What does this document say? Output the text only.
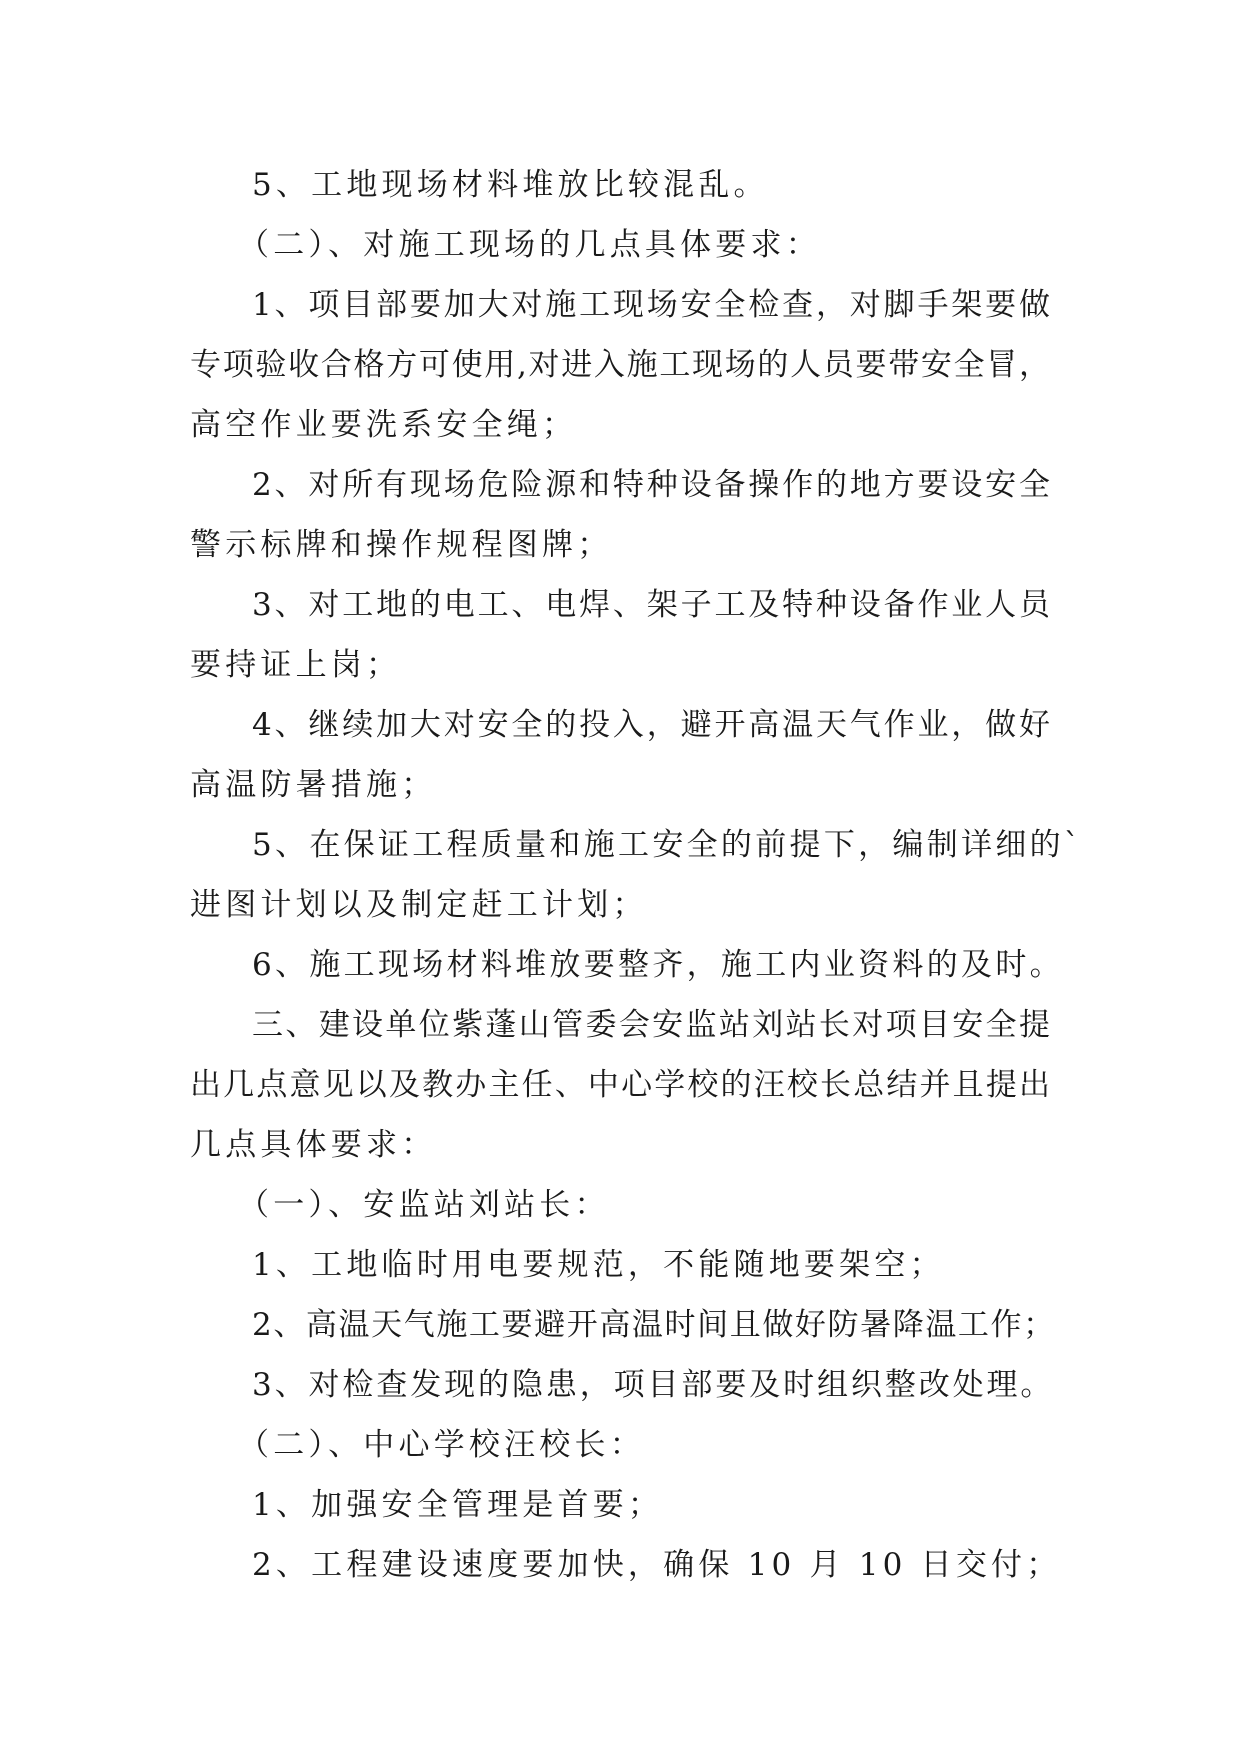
5、工地现场材料堆放比较混乱。
（二）、对施工现场的几点具体要求：
1、项目部要加大对施工现场安全检查，对脚手架要做
专项验收合格方可使用,对进入施工现场的人员要带安全冒，
高空作业要洗系安全绳；
2、对所有现场危险源和特种设备操作的地方要设安全
警示标牌和操作规程图牌；
3、对工地的电工、电焊、架子工及特种设备作业人员
要持证上岗；
4、继续加大对安全的投入，避开高温天气作业，做好
高温防暑措施；
5、在保证工程质量和施工安全的前提下，编制详细的`
进图计划以及制定赶工计划；
6、施工现场材料堆放要整齐，施工内业资料的及时。
三、建设单位紫蓬山管委会安监站刘站长对项目安全提
出几点意见以及教办主任、中心学校的汪校长总结并且提出
几点具体要求：
（一）、安监站刘站长：
1、工地临时用电要规范，不能随地要架空；
2、高温天气施工要避开高温时间且做好防暑降温工作；
3、对检查发现的隐患，项目部要及时组织整改处理。
（二）、中心学校汪校长：
1、加强安全管理是首要；
2、工程建设速度要加快，确保 10 月 10 日交付；
